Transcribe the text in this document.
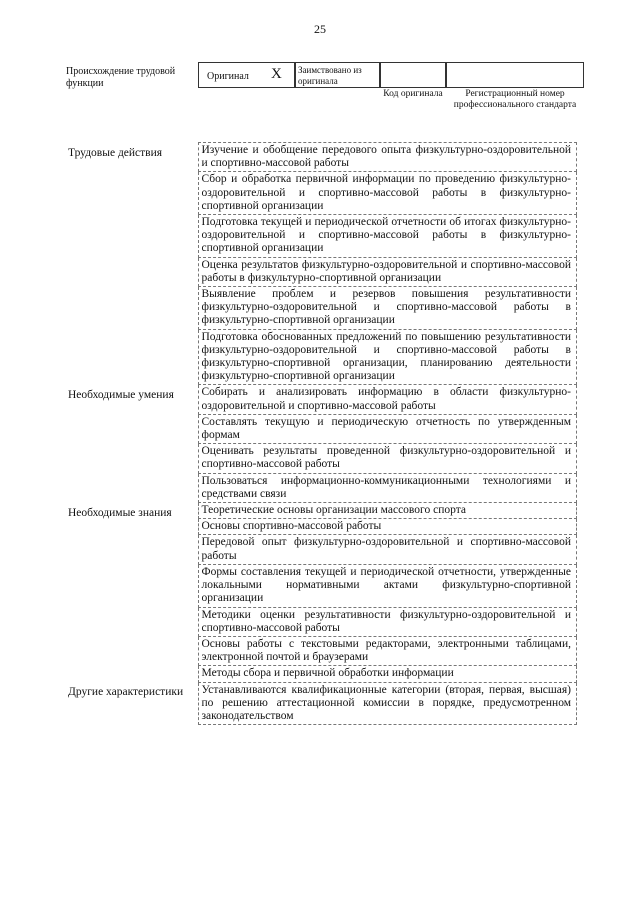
25
Происхождение трудовой функции
Оригинал X	Заимствовано из оригинала
Код оригинала	Регистрационный номер профессионального стандарта
Трудовые действия	Изучение и обобщение передового опыта физкультурно-оздоровительной и спортивно-массовой работы
	Сбор и обработка первичной информации по проведению физкультурно-оздоровительной и спортивно-массовой работы в физкультурно-спортивной организации
	Подготовка текущей и периодической отчетности об итогах физкультурно-оздоровительной и спортивно-массовой работы в физкультурно-спортивной организации
	Оценка результатов физкультурно-оздоровительной и спортивно-массовой работы в физкультурно-спортивной организации
	Выявление проблем и резервов повышения результативности физкультурно-оздоровительной и спортивно-массовой работы в физкультурно-спортивной организации
	Подготовка обоснованных предложений по повышению результативности физкультурно-оздоровительной и спортивно-массовой работы в физкультурно-спортивной организации, планированию деятельности физкультурно-спортивной организации
Необходимые умения	Собирать и анализировать информацию в области физкультурно-оздоровительной и спортивно-массовой работы
	Составлять текущую и периодическую отчетность по утвержденным формам
	Оценивать результаты проведенной физкультурно-оздоровительной и спортивно-массовой работы
	Пользоваться информационно-коммуникационными технологиями и средствами связи
Необходимые знания	Теоретические основы организации массового спорта
	Основы спортивно-массовой работы
	Передовой опыт физкультурно-оздоровительной и спортивно-массовой работы
	Формы составления текущей и периодической отчетности, утвержденные локальными нормативными актами физкультурно-спортивной организации
	Методики оценки результативности физкультурно-оздоровительной и спортивно-массовой работы
	Основы работы с текстовыми редакторами, электронными таблицами, электронной почтой и браузерами
	Методы сбора и первичной обработки информации
Другие характеристики	Устанавливаются квалификационные категории (вторая, первая, высшая) по решению аттестационной комиссии в порядке, предусмотренном законодательством
